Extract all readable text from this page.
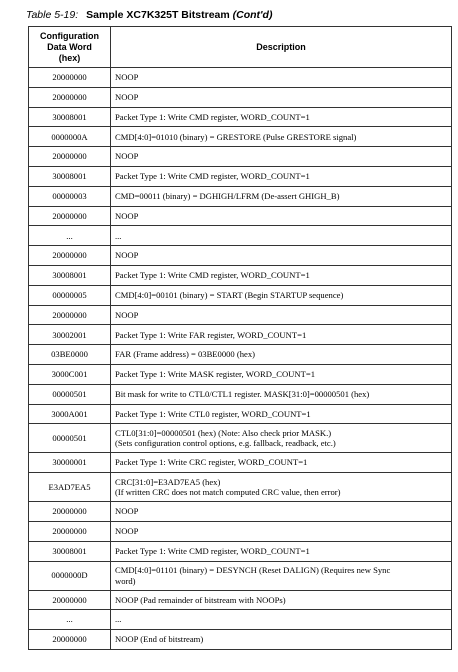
Table 5-19: Sample XC7K325T Bitstream (Cont'd)
Configuration
Data Word
(hex)	Description
20000000	NOOP
20000000	NOOP
30008001	Packet Type 1: Write CMD register, WORD_COUNT=1
0000000A	CMD[4:0]=01010 (binary) = GRESTORE (Pulse GRESTORE signal)
20000000	NOOP
30008001	Packet Type 1: Write CMD register, WORD_COUNT=1
00000003	CMD=00011 (binary) = DGHIGH/LFRM (De-assert GHIGH_B)
20000000	NOOP
...	...
20000000	NOOP
30008001	Packet Type 1: Write CMD register, WORD_COUNT=1
00000005	CMD[4:0]=00101 (binary) = START (Begin STARTUP sequence)
20000000	NOOP
30002001	Packet Type 1: Write FAR register, WORD_COUNT=1
03BE0000	FAR (Frame address) = 03BE0000 (hex)
3000C001	Packet Type 1: Write MASK register, WORD_COUNT=1
00000501	Bit mask for write to CTL0/CTL1 register. MASK[31:0]=00000501 (hex)
3000A001	Packet Type 1: Write CTL0 register, WORD_COUNT=1
00000501	CTL0[31:0]=00000501 (hex) (Note: Also check prior MASK.)
(Sets configuration control options, e.g. fallback, readback, etc.)

30000001	Packet Type 1: Write CRC register, WORD_COUNT=1
E3AD7EA5	CRC[31:0]=E3AD7EA5 (hex)
(If written CRC does not match computed CRC value, then error)

20000000	NOOP
20000000	NOOP
30008001	Packet Type 1: Write CMD register, WORD_COUNT=1
0000000D	CMD[4:0]=01101 (binary) = DESYNCH (Reset DALIGN) (Requires new Sync
word)

20000000	NOOP (Pad remainder of bitstream with NOOPs)
...	...
20000000	NOOP (End of bitstream)
